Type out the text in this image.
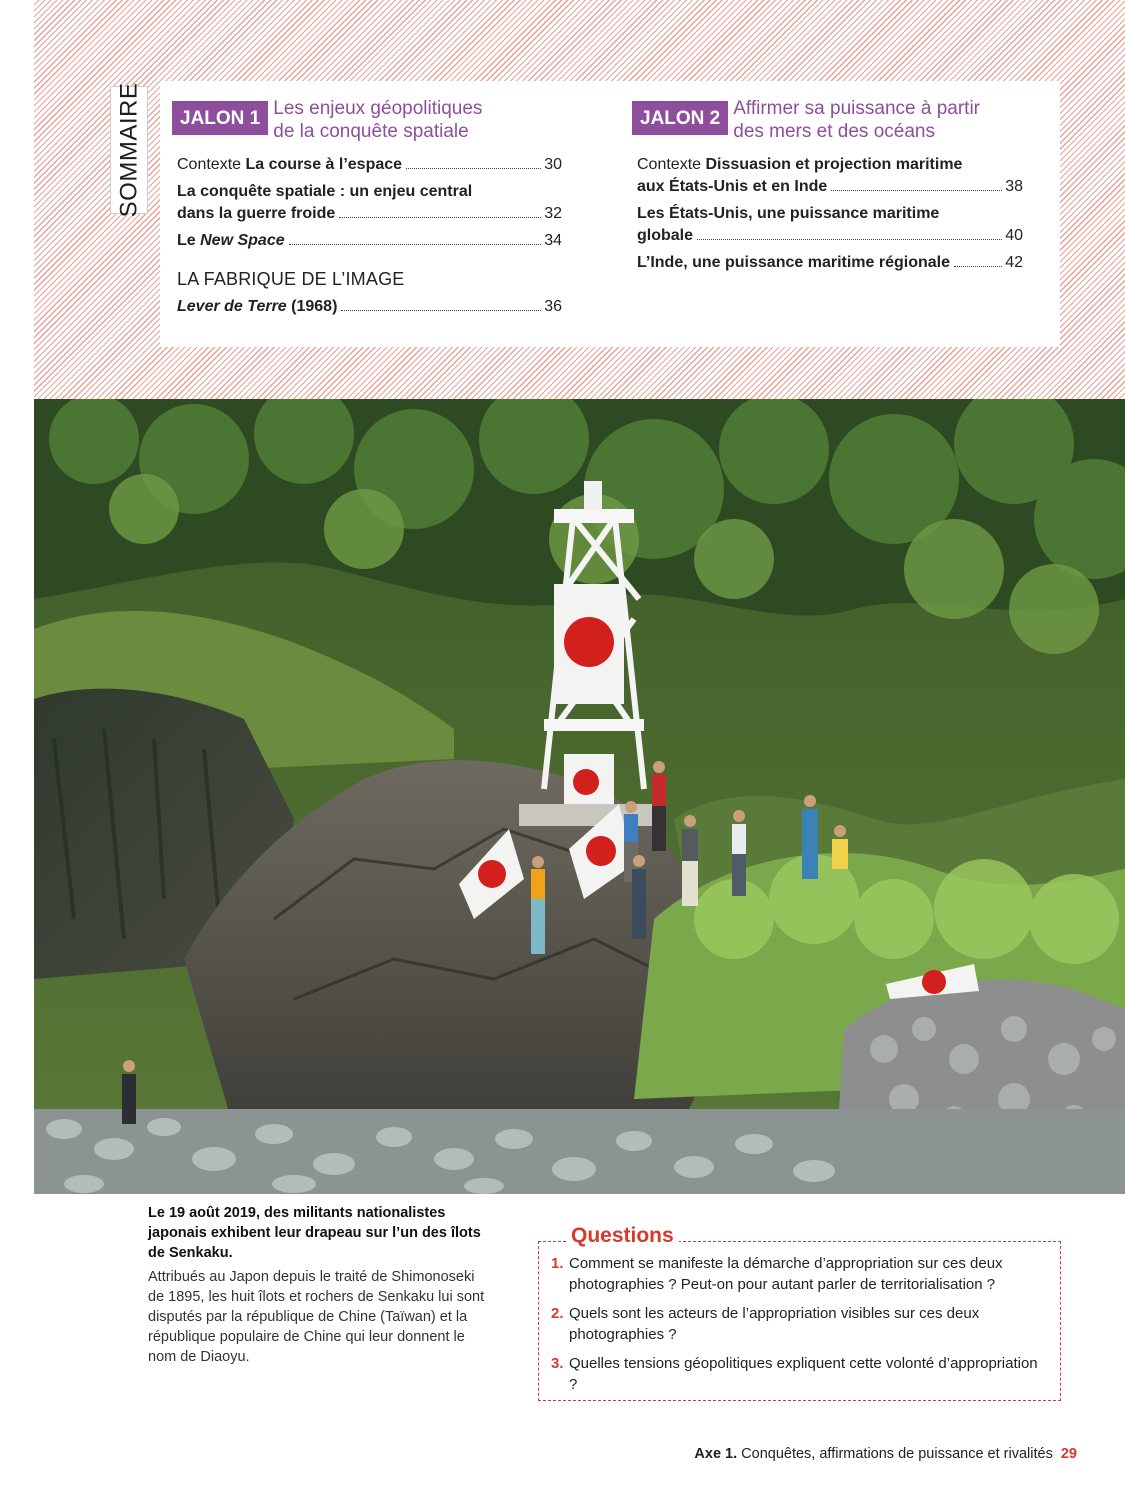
SOMMAIRE	JALON 1 Les enjeux géopolitiques
de la conquête spatiale
Contexte La course à l’espace	30
La conquête spatiale : un enjeu central
dans la guerre froide	32
Le New Space	34
LA FABRIQUE DE L’IMAGE
Lever de Terre (1968)	36
JALON 2 Affirmer sa puissance à partir
des mers et des océans
Contexte Dissuasion et projection maritime
aux États-Unis et en Inde	38
Les États-Unis, une puissance maritime
globale	40
L’Inde, une puissance maritime régionale	42
Le 19 août 2019, des militants nationalistes japonais exhibent leur drapeau sur l’un des îlots de Senkaku.
Attribués au Japon depuis le traité de Shimonoseki de 1895, les huit îlots et rochers de Senkaku lui sont disputés par la république de Chine (Taïwan) et la république populaire de Chine qui leur donnent le nom de Diaoyu.
1. Comment se manifeste la démarche d’appropriation sur ces deux photographies ? Peut-on pour autant parler de territorialisation ?
2. Quels sont les acteurs de l’appropriation visibles sur ces deux photographies ?
3. Quelles tensions géopolitiques expliquent cette volonté d’appropriation ?
Questions
Axe 1. Conquêtes, affirmations de puissance et rivalités 29
